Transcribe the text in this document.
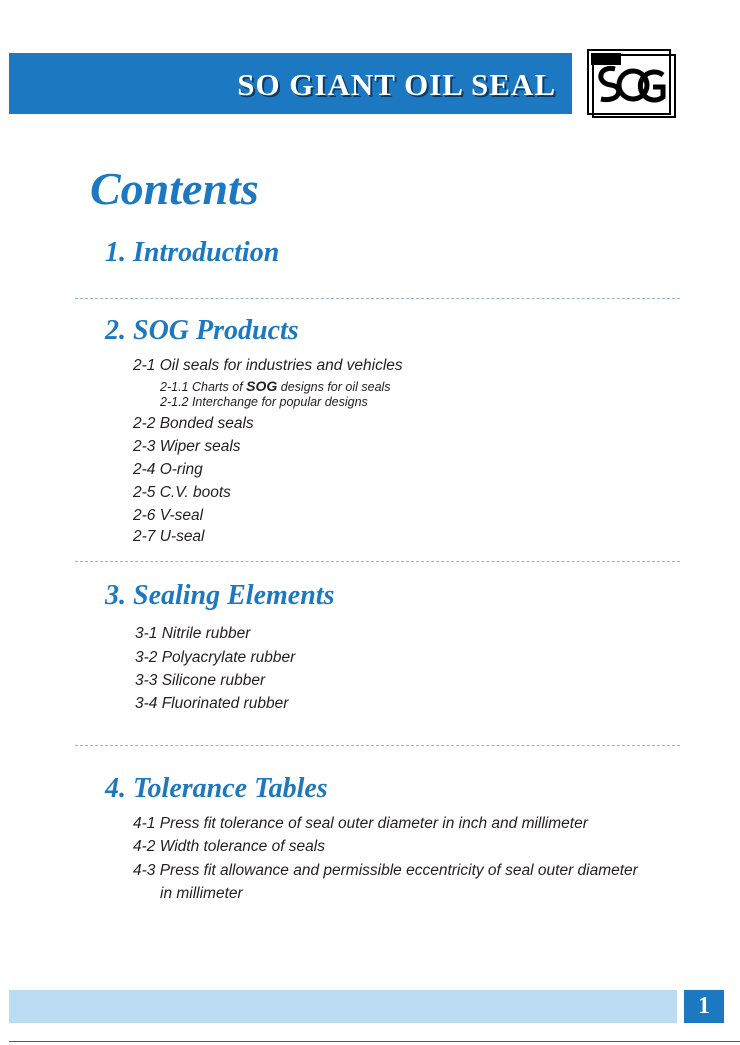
SO GIANT OIL SEAL
Contents
1. Introduction
2. SOG Products
2-1 Oil seals for industries and vehicles
2-1.1 Charts of SOG designs for oil seals
2-1.2 Interchange for popular designs
2-2 Bonded seals
2-3 Wiper seals
2-4 O-ring
2-5 C.V. boots
2-6 V-seal
2-7 U-seal
3. Sealing Elements
3-1 Nitrile rubber
3-2 Polyacrylate rubber
3-3 Silicone rubber
3-4 Fluorinated rubber
4. Tolerance Tables
4-1 Press fit tolerance of seal outer diameter in inch and millimeter
4-2 Width tolerance of seals
4-3 Press fit allowance and permissible eccentricity of seal outer diameter
in millimeter
1
